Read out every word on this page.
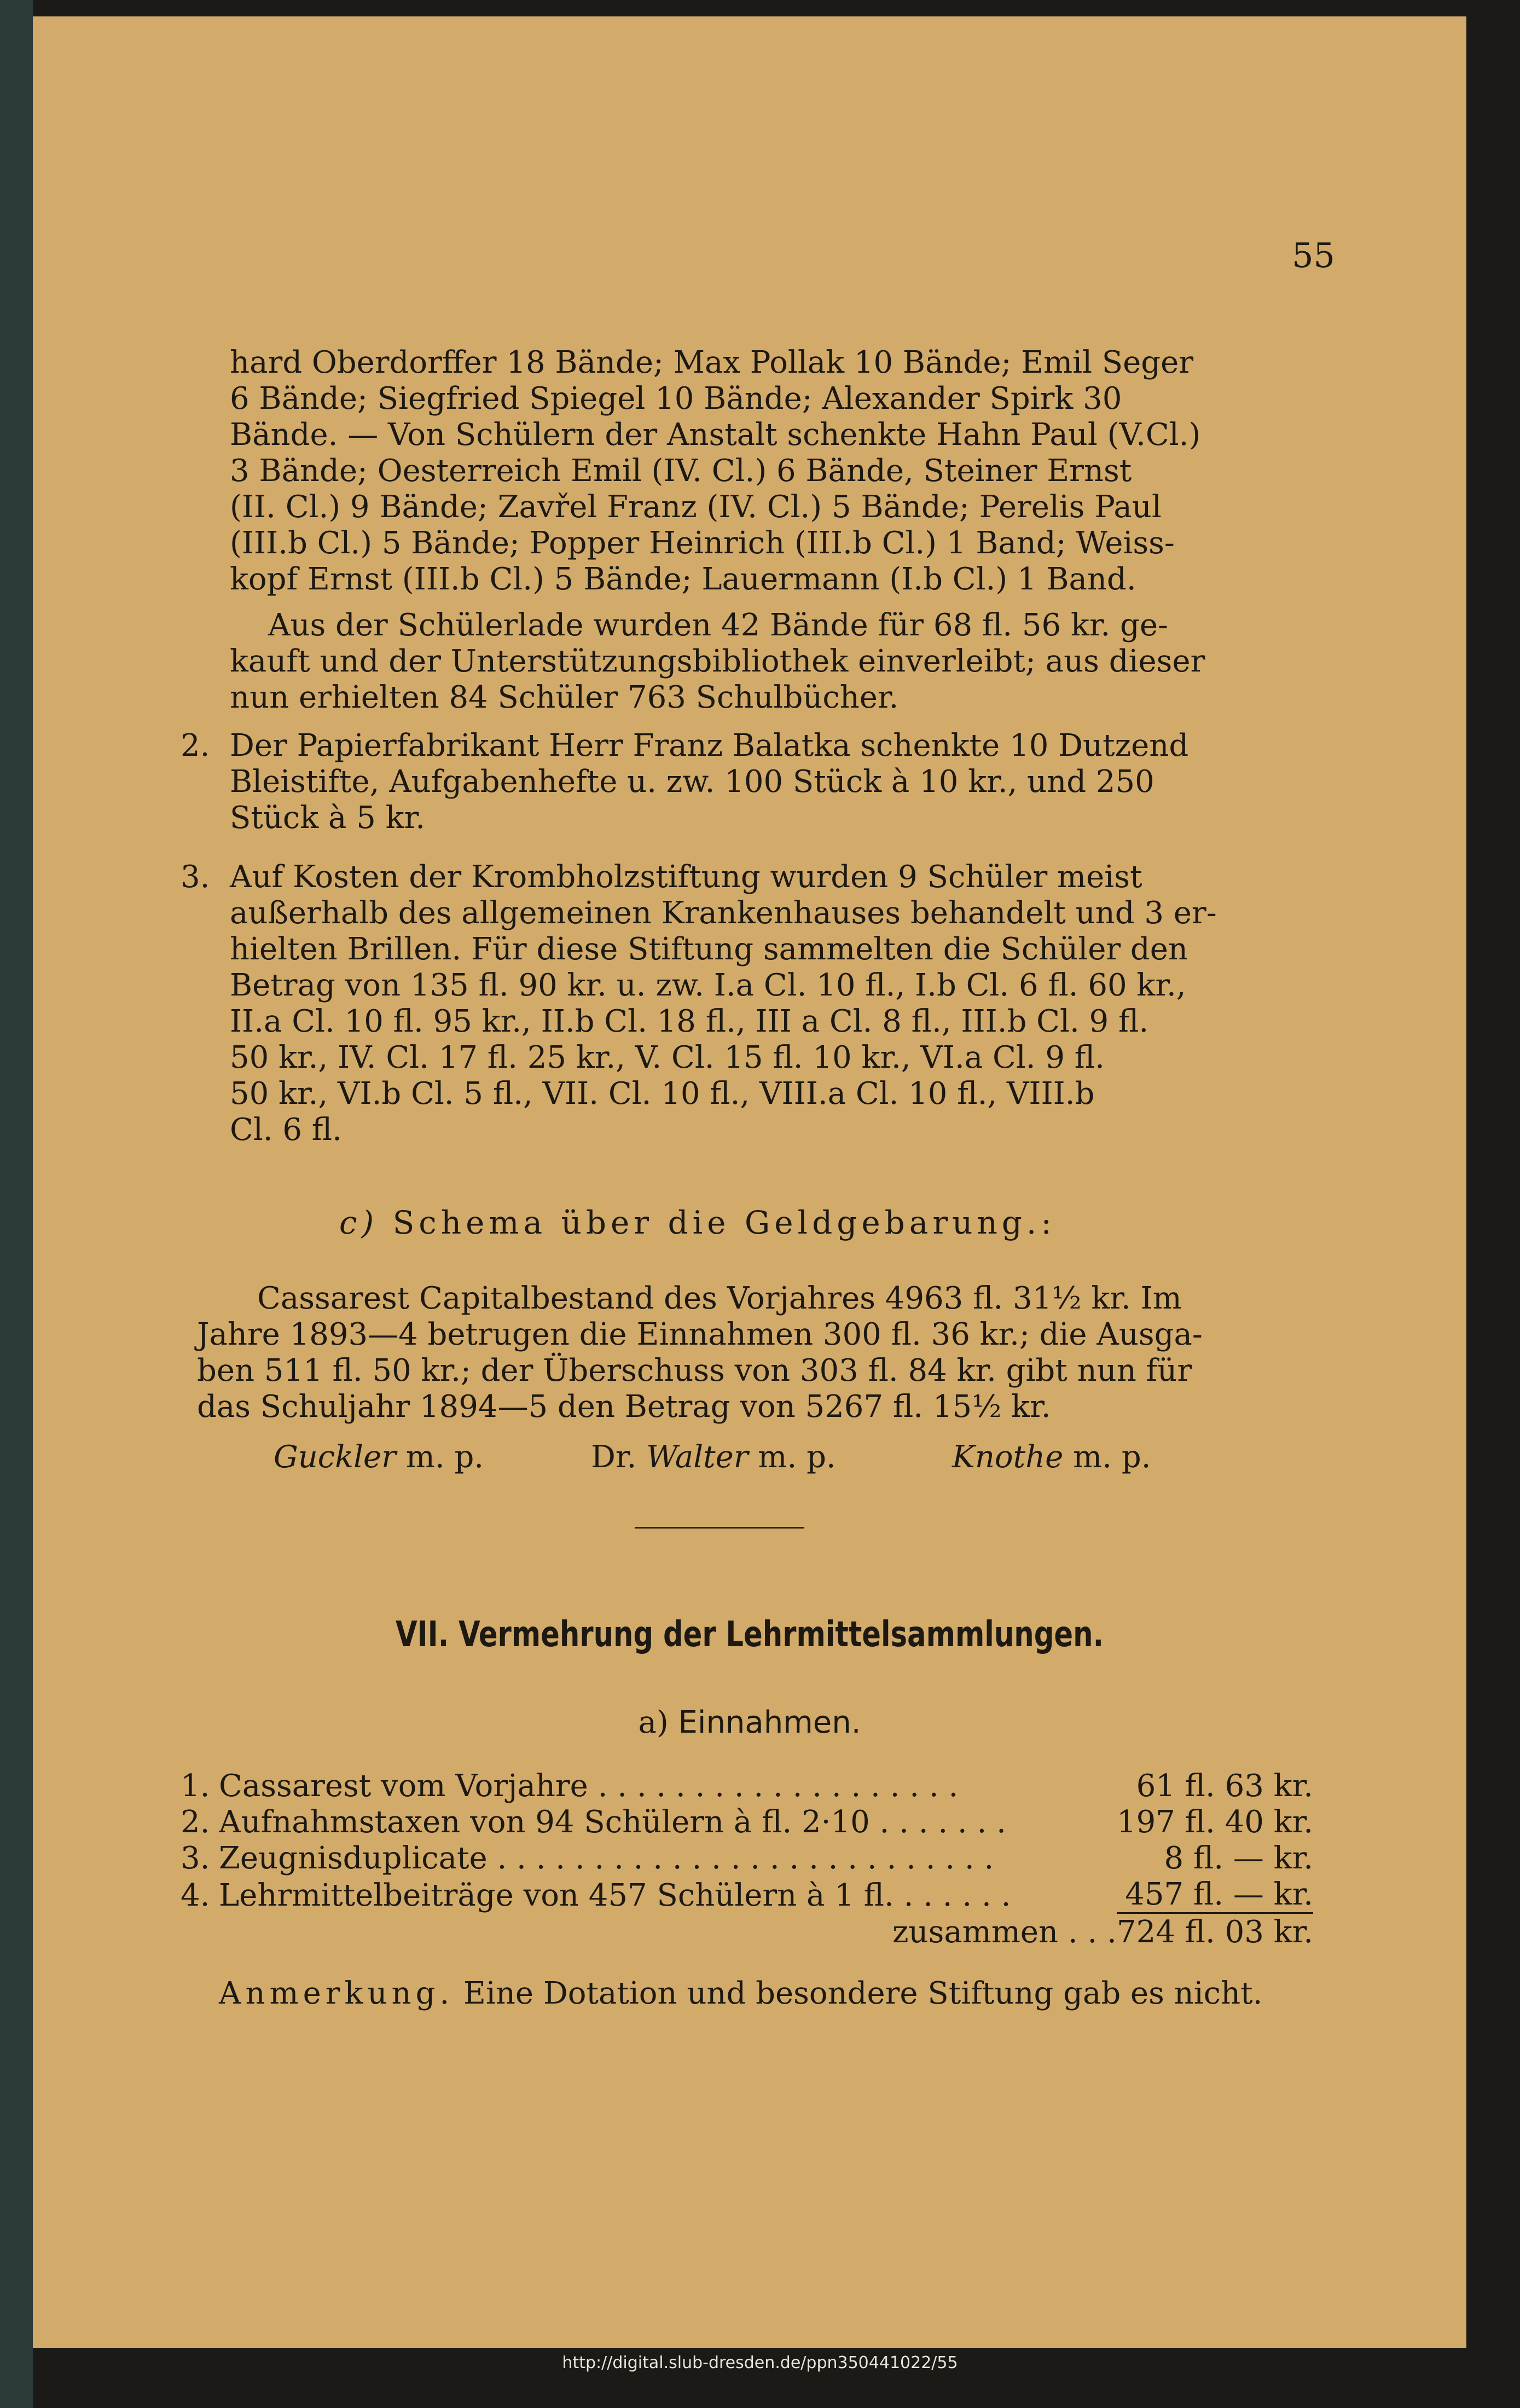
55
hard Oberdorffer 18 Bände; Max Pollak 10 Bände; Emil Seger
6 Bände; Siegfried Spiegel 10 Bände; Alexander Spirk 30
Bände. — Von Schülern der Anstalt schenkte Hahn Paul (V.Cl.)
3 Bände; Oesterreich Emil (IV. Cl.) 6 Bände, Steiner Ernst
(II. Cl.) 9 Bände; Zavřel Franz (IV. Cl.) 5 Bände; Perelis Paul
(III.b Cl.) 5 Bände; Popper Heinrich (III.b Cl.) 1 Band; Weiss-
kopf Ernst (III.b Cl.) 5 Bände; Lauermann (I.b Cl.) 1 Band.
Aus der Schülerlade wurden 42 Bände für 68 fl. 56 kr. ge-
kauft und der Unterstützungsbibliothek einverleibt; aus dieser
nun erhielten 84 Schüler 763 Schulbücher.
2. Der Papierfabrikant Herr Franz Balatka schenkte 10 Dutzend
Bleistifte, Aufgabenhefte u. zw. 100 Stück à 10 kr., und 250
Stück à 5 kr.
3. Auf Kosten der Krombholzstiftung wurden 9 Schüler meist
außerhalb des allgemeinen Krankenhauses behandelt und 3 er-
hielten Brillen. Für diese Stiftung sammelten die Schüler den
Betrag von 135 fl. 90 kr. u. zw. I.a Cl. 10 fl., I.b Cl. 6 fl. 60 kr.,
II.a Cl. 10 fl. 95 kr., II.b Cl. 18 fl., III a Cl. 8 fl., III.b Cl. 9 fl.
50 kr., IV. Cl. 17 fl. 25 kr., V. Cl. 15 fl. 10 kr., VI.a Cl. 9 fl.
50 kr., VI.b Cl. 5 fl., VII. Cl. 10 fl., VIII.a Cl. 10 fl., VIII.b
Cl. 6 fl.
c) Schema über die Geldgebarung.:
Cassarest Capitalbestand des Vorjahres 4963 fl. 31½ kr. Im
Jahre 1893—4 betrugen die Einnahmen 300 fl. 36 kr.; die Ausga-
ben 511 fl. 50 kr.; der Überschuss von 303 fl. 84 kr. gibt nun für
das Schuljahr 1894—5 den Betrag von 5267 fl. 15½ kr.
Guckler m. p.	Dr. Walter m. p.	Knothe m. p.
VII. Vermehrung der Lehrmittelsammlungen.
a) Einnahmen.
1.	Cassarest vom Vorjahre . . . . . . . . . . . . . . . . . . .	61 fl. 63 kr.
2.	Aufnahmstaxen von 94 Schülern à fl. 2·10 . . . . . . .	197 fl. 40 kr.
3.	Zeugnisduplicate . . . . . . . . . . . . . . . . . . . . . . . . . .	8 fl. — kr.
4.	Lehrmittelbeiträge von 457 Schülern à 1 fl. . . . . . .	457 fl. — kr.
	zusammen . . .	724 fl. 03 kr.
Anmerkung. Eine Dotation und besondere Stiftung gab es nicht.
http://digital.slub-dresden.de/ppn350441022/55
